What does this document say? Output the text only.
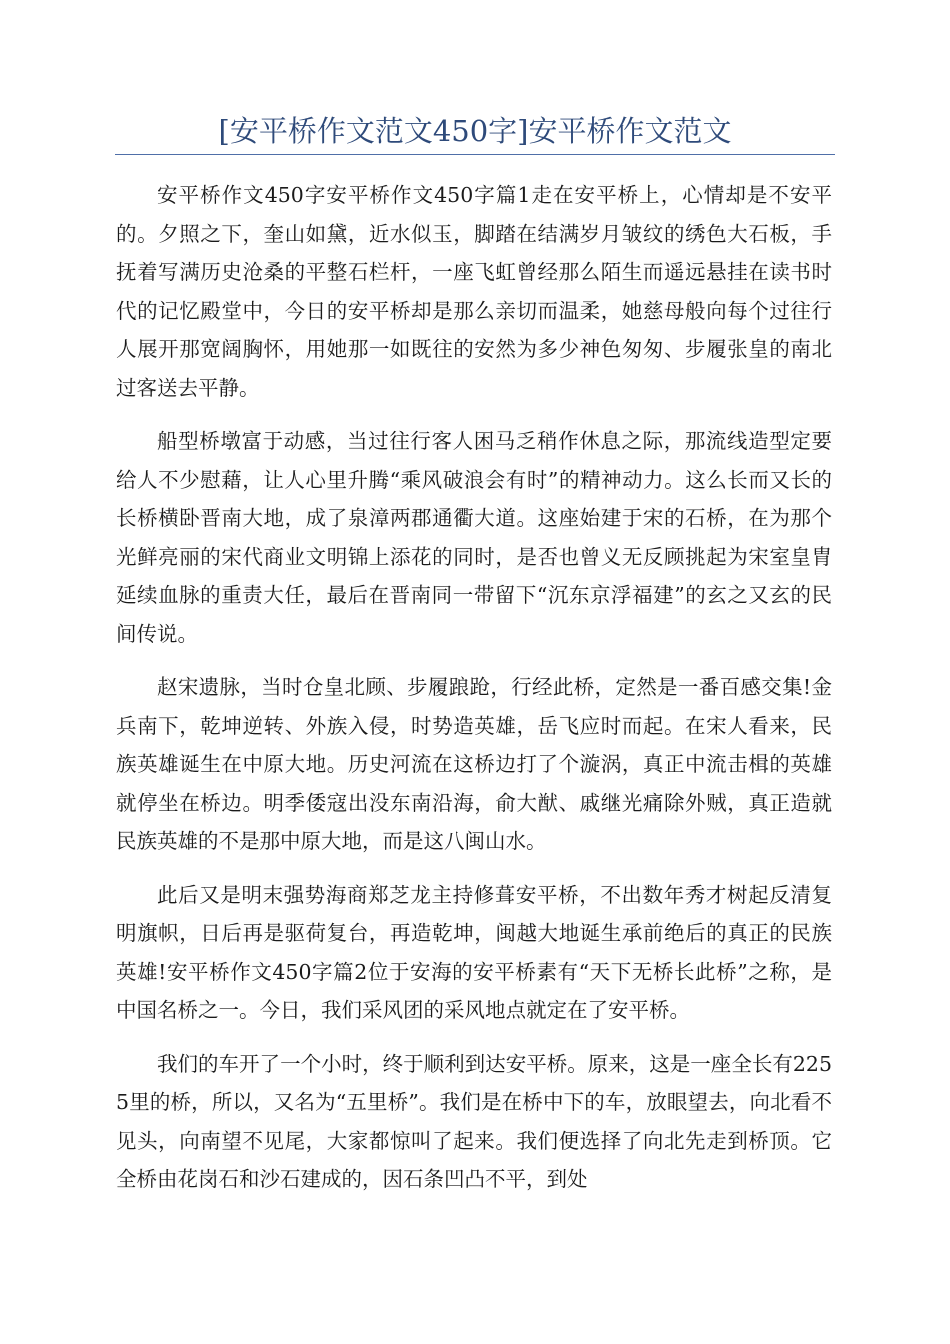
[安平桥作文范文450字]安平桥作文范文

安平桥作文450字安平桥作文450字篇1走在安平桥上，心情却是不安平的。夕照之下，奎山如黛，近水似玉，脚踏在结满岁月皱纹的绣色大石板，手抚着写满历史沧桑的平整石栏杆，一座飞虹曾经那么陌生而遥远悬挂在读书时代的记忆殿堂中，今日的安平桥却是那么亲切而温柔，她慈母般向每个过往行人展开那宽阔胸怀，用她那一如既往的安然为多少神色匆匆、步履张皇的南北过客送去平静。

船型桥墩富于动感，当过往行客人困马乏稍作休息之际，那流线造型定要给人不少慰藉，让人心里升腾“乘风破浪会有时”的精神动力。这么长而又长的长桥横卧晋南大地，成了泉漳两郡通衢大道。这座始建于宋的石桥，在为那个光鲜亮丽的宋代商业文明锦上添花的同时，是否也曾义无反顾挑起为宋室皇胄延续血脉的重责大任，最后在晋南同一带留下“沉东京浮福建”的玄之又玄的民间传说。

赵宋遗脉，当时仓皇北顾、步履踉跄，行经此桥，定然是一番百感交集!金兵南下，乾坤逆转、外族入侵，时势造英雄，岳飞应时而起。在宋人看来，民族英雄诞生在中原大地。历史河流在这桥边打了个漩涡，真正中流击楫的英雄就停坐在桥边。明季倭寇出没东南沿海，俞大猷、戚继光痛除外贼，真正造就民族英雄的不是那中原大地，而是这八闽山水。

此后又是明末强势海商郑芝龙主持修葺安平桥，不出数年秀才树起反清复明旗帜，日后再是驱荷复台，再造乾坤，闽越大地诞生承前绝后的真正的民族英雄!安平桥作文450字篇2位于安海的安平桥素有“天下无桥长此桥”之称，是中国名桥之一。今日，我们采风团的采风地点就定在了安平桥。

我们的车开了一个小时，终于顺利到达安平桥。原来，这是一座全长有2255里的桥，所以，又名为“五里桥”。我们是在桥中下的车，放眼望去，向北看不见头，向南望不见尾，大家都惊叫了起来。我们便选择了向北先走到桥顶。它全桥由花岗石和沙石建成的，因石条凹凸不平，到处
